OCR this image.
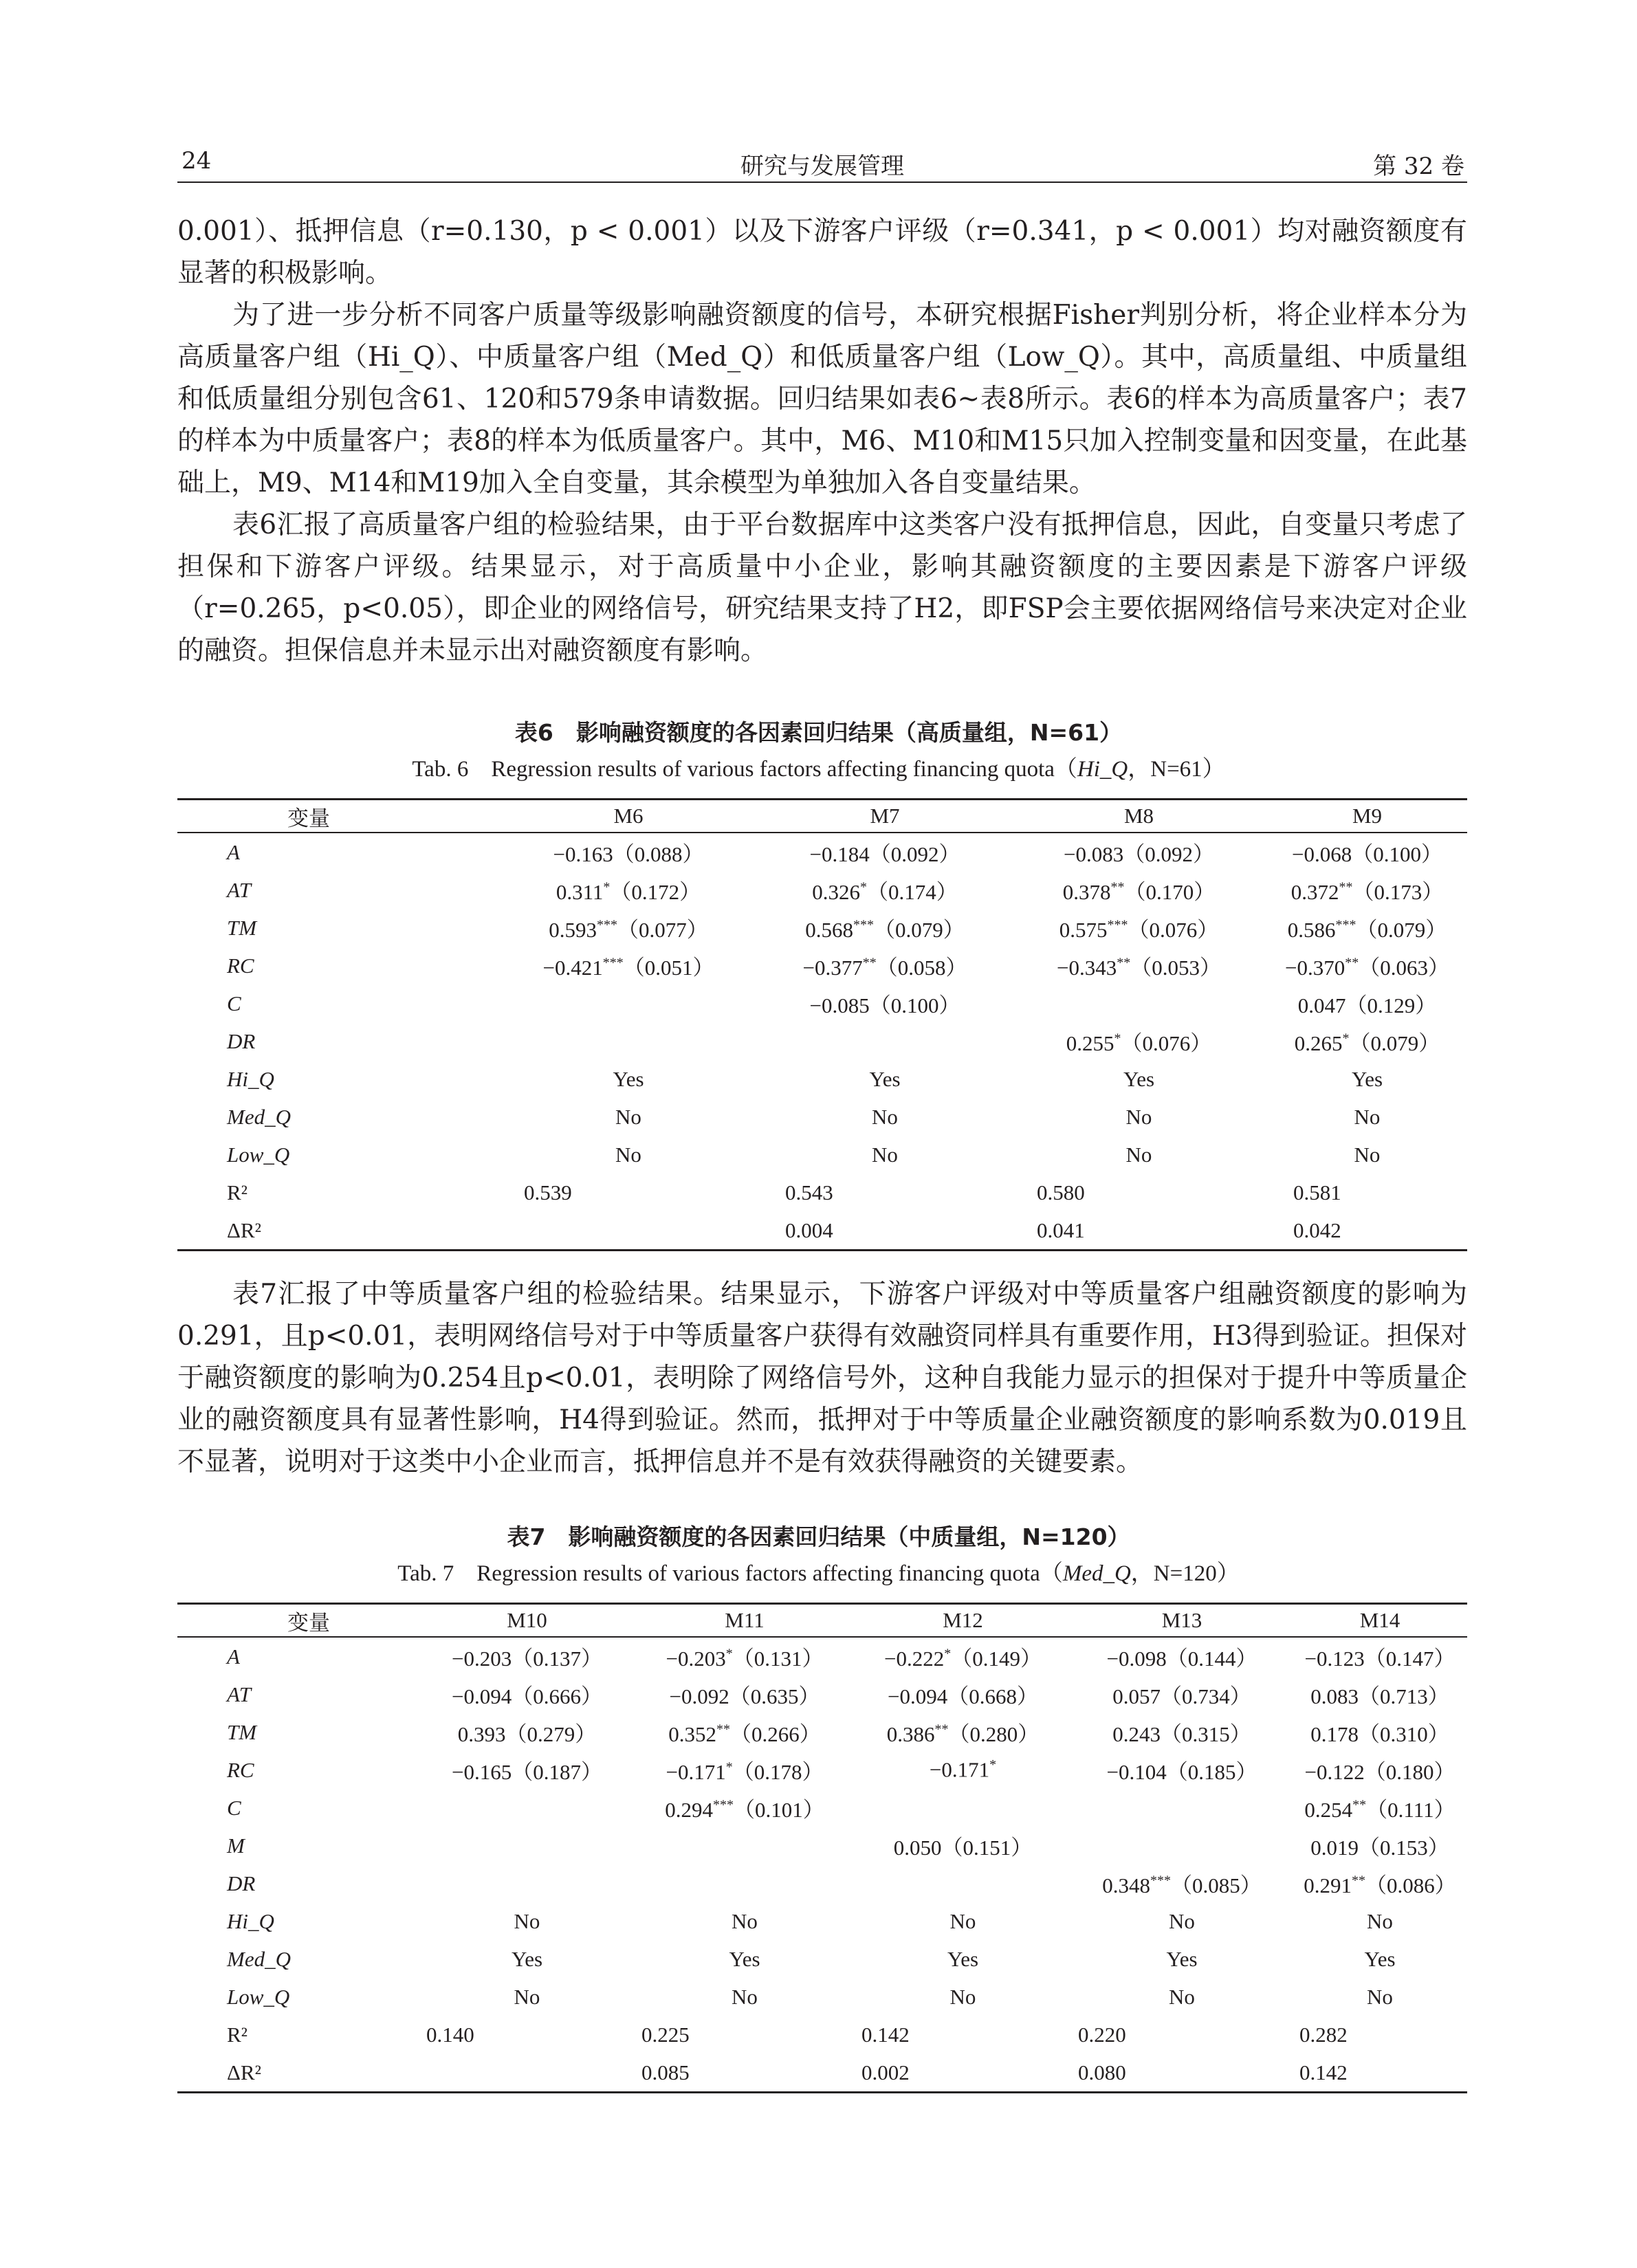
24	研究与发展管理	第 32 卷

0.001）、抵押信息（r=0.130，p < 0.001）以及下游客户评级（r=0.341，p < 0.001）均对融资额度有显著的积极影响。

为了进一步分析不同客户质量等级影响融资额度的信号，本研究根据Fisher判别分析，将企业样本分为高质量客户组（Hi_Q）、中质量客户组（Med_Q）和低质量客户组（Low_Q）。其中，高质量组、中质量组和低质量组分别包含61、120和579条申请数据。回归结果如表6~表8所示。表6的样本为高质量客户；表7的样本为中质量客户；表8的样本为低质量客户。其中，M6、M10和M15只加入控制变量和因变量，在此基础上，M9、M14和M19加入全自变量，其余模型为单独加入各自变量结果。

表6汇报了高质量客户组的检验结果，由于平台数据库中这类客户没有抵押信息，因此，自变量只考虑了担保和下游客户评级。结果显示，对于高质量中小企业，影响其融资额度的主要因素是下游客户评级（r=0.265，p<0.05），即企业的网络信号，研究结果支持了H2，即FSP会主要依据网络信号来决定对企业的融资。担保信息并未显示出对融资额度有影响。

表6　影响融资额度的各因素回归结果（高质量组，N=61）

Tab. 6　Regression results of various factors affecting financing quota（Hi_Q，N=61）

变量	M6	M7	M8	M9
A	−0.163（0.088）	−0.184（0.092）	−0.083（0.092）	−0.068（0.100）
AT	0.311*（0.172）	0.326*（0.174）	0.378**（0.170）	0.372**（0.173）
TM	0.593***（0.077）	0.568***（0.079）	0.575***（0.076）	0.586***（0.079）
RC	−0.421***（0.051）	−0.377**（0.058）	−0.343**（0.053）	−0.370**（0.063）
C		−0.085（0.100）		0.047（0.129）
DR			0.255*（0.076）	0.265*（0.079）
Hi_Q	Yes	Yes	Yes	Yes
Med_Q	No	No	No	No
Low_Q	No	No	No	No
R²	0.539	0.543	0.580	0.581
ΔR²		0.004	0.041	0.042

表7汇报了中等质量客户组的检验结果。结果显示，下游客户评级对中等质量客户组融资额度的影响为0.291，且p<0.01，表明网络信号对于中等质量客户获得有效融资同样具有重要作用，H3得到验证。担保对于融资额度的影响为0.254且p<0.01，表明除了网络信号外，这种自我能力显示的担保对于提升中等质量企业的融资额度具有显著性影响，H4得到验证。然而，抵押对于中等质量企业融资额度的影响系数为0.019且不显著，说明对于这类中小企业而言，抵押信息并不是有效获得融资的关键要素。

表7　影响融资额度的各因素回归结果（中质量组，N=120）

Tab. 7　Regression results of various factors affecting financing quota（Med_Q，N=120）

变量	M10	M11	M12	M13	M14
A	−0.203（0.137）	−0.203*（0.131）	−0.222*（0.149）	−0.098（0.144）	−0.123（0.147）
AT	−0.094（0.666）	−0.092（0.635）	−0.094（0.668）	0.057（0.734）	0.083（0.713）
TM	0.393（0.279）	0.352**（0.266）	0.386**（0.280）	0.243（0.315）	0.178（0.310）
RC	−0.165（0.187）	−0.171*（0.178）	−0.171*	−0.104（0.185）	−0.122（0.180）
C		0.294***（0.101）			0.254**（0.111）
M			0.050（0.151）		0.019（0.153）
DR				0.348***（0.085）	0.291**（0.086）
Hi_Q	No	No	No	No	No
Med_Q	Yes	Yes	Yes	Yes	Yes
Low_Q	No	No	No	No	No
R²	0.140	0.225	0.142	0.220	0.282
ΔR²		0.085	0.002	0.080	0.142
